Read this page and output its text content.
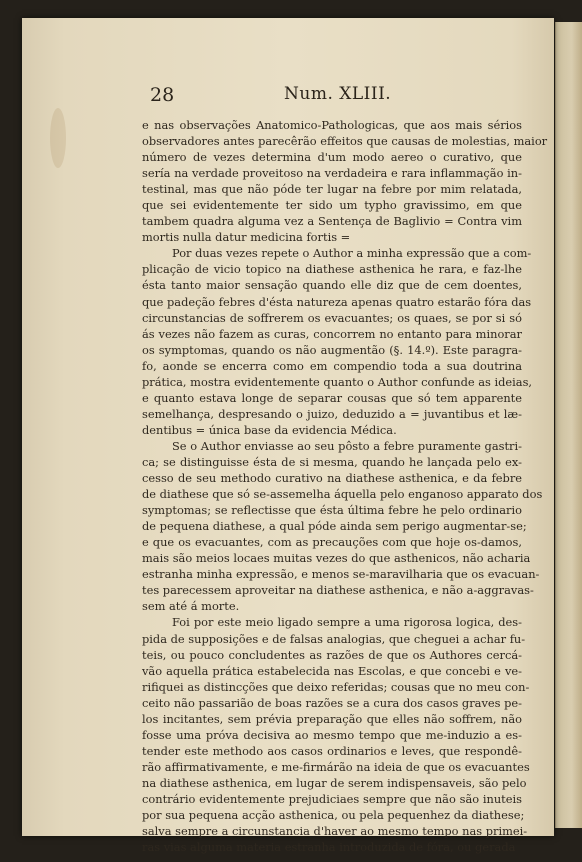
28	Num. XLIII.
e nas observações Anatomico-Pathologicas, que aos mais sérios
observadores antes parecêrão effeitos que causas de molestias, maior
número de vezes determina d'um modo aereo o curativo, que
sería na verdade proveitoso na verdadeira e rara inflammação in-
testinal, mas que não póde ter lugar na febre por mim relatada,
que sei evidentemente ter sido um typho gravissimo, em que
tambem quadra alguma vez a Sentença de Baglivio = Contra vim
mortis nulla datur medicina fortis =
Por duas vezes repete o Author a minha expressão que a com-
plicação de vicio topico na diathese asthenica he rara, e faz-lhe
ésta tanto maior sensação quando elle diz que de cem doentes,
que padeção febres d'ésta natureza apenas quatro estarão fóra das
circunstancias de soffrerem os evacuantes; os quaes, se por si só
ás vezes não fazem as curas, concorrem no entanto para minorar
os symptomas, quando os não augmentão (§. 14.º). Este paragra-
fo, aonde se encerra como em compendio toda a sua doutrina
prática, mostra evidentemente quanto o Author confunde as ideias,
e quanto estava longe de separar cousas que só tem apparente
semelhança, despresando o juizo, deduzido a = juvantibus et læ-
dentibus = única base da evidencia Médica.
Se o Author enviasse ao seu pôsto a febre puramente gastri-
ca; se distinguisse ésta de si mesma, quando he lançada pelo ex-
cesso de seu methodo curativo na diathese asthenica, e da febre
de diathese que só se-assemelha áquella pelo enganoso apparato dos
symptomas; se reflectisse que ésta última febre he pelo ordinario
de pequena diathese, a qual póde ainda sem perigo augmentar-se;
e que os evacuantes, com as precauções com que hoje os-damos,
mais são meios locaes muitas vezes do que asthenicos, não acharia
estranha minha expressão, e menos se-maravilharia que os evacuan-
tes parecessem aproveitar na diathese asthenica, e não a-aggravas-
sem até á morte.
Foi por este meio ligado sempre a uma rigorosa logica, des-
pida de supposições e de falsas analogias, que cheguei a achar fu-
teis, ou pouco concludentes as razões de que os Authores cercá-
vão aquella prática estabelecida nas Escolas, e que concebi e ve-
rifiquei as distincções que deixo referidas; cousas que no meu con-
ceito não passarião de boas razões se a cura dos casos graves pe-
los incitantes, sem prévia preparação que elles não soffrem, não
fosse uma próva decisiva ao mesmo tempo que me-induzio a es-
tender este methodo aos casos ordinarios e leves, que respondê-
rão affirmativamente, e me-firmárão na ideia de que os evacuantes
na diathese asthenica, em lugar de serem indispensaveis, são pelo
contrário evidentemente prejudiciaes sempre que não são inuteis
por sua pequena acção asthenica, ou pela pequenhez da diathese;
salva sempre a circunstancia d'haver ao mesmo tempo nas primei-
ras vias alguma materia estranha introduzida de fóra, ou gerada
